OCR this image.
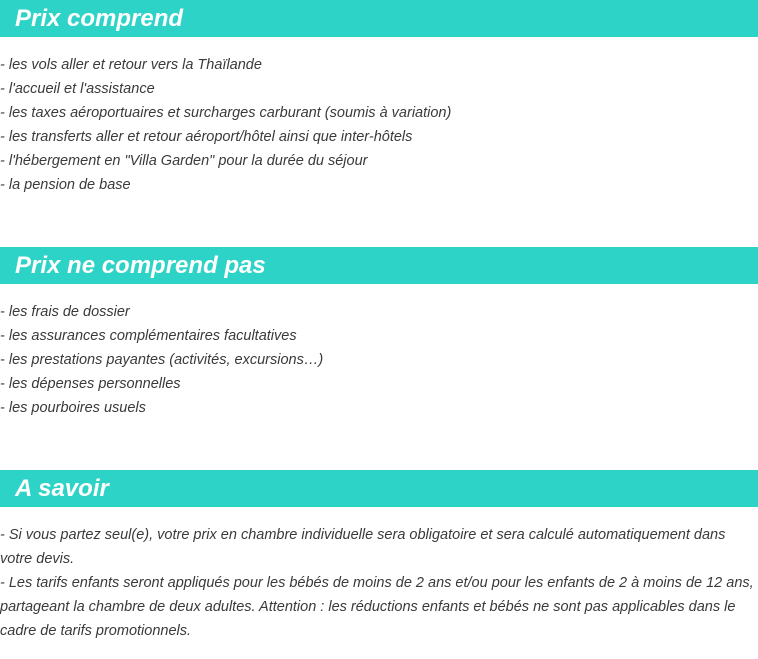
Prix comprend
- les vols aller et retour vers la Thaïlande
- l'accueil et l'assistance
- les taxes aéroportuaires et surcharges carburant (soumis à variation)
- les transferts aller et retour aéroport/hôtel ainsi que inter-hôtels
- l'hébergement en "Villa Garden" pour la durée du séjour
- la pension de base
Prix ne comprend pas
- les frais de dossier
- les assurances complémentaires facultatives
- les prestations payantes (activités, excursions…)
- les dépenses personnelles
- les pourboires usuels
A savoir

- Si vous partez seul(e), votre prix en chambre individuelle sera obligatoire et sera calculé automatiquement dans votre devis.

- Les tarifs enfants seront appliqués pour les bébés de moins de 2 ans et/ou pour les enfants de 2 à moins de 12 ans, partageant la chambre de deux adultes. Attention : les réductions enfants et bébés ne sont pas applicables dans le cadre de tarifs promotionnels.
